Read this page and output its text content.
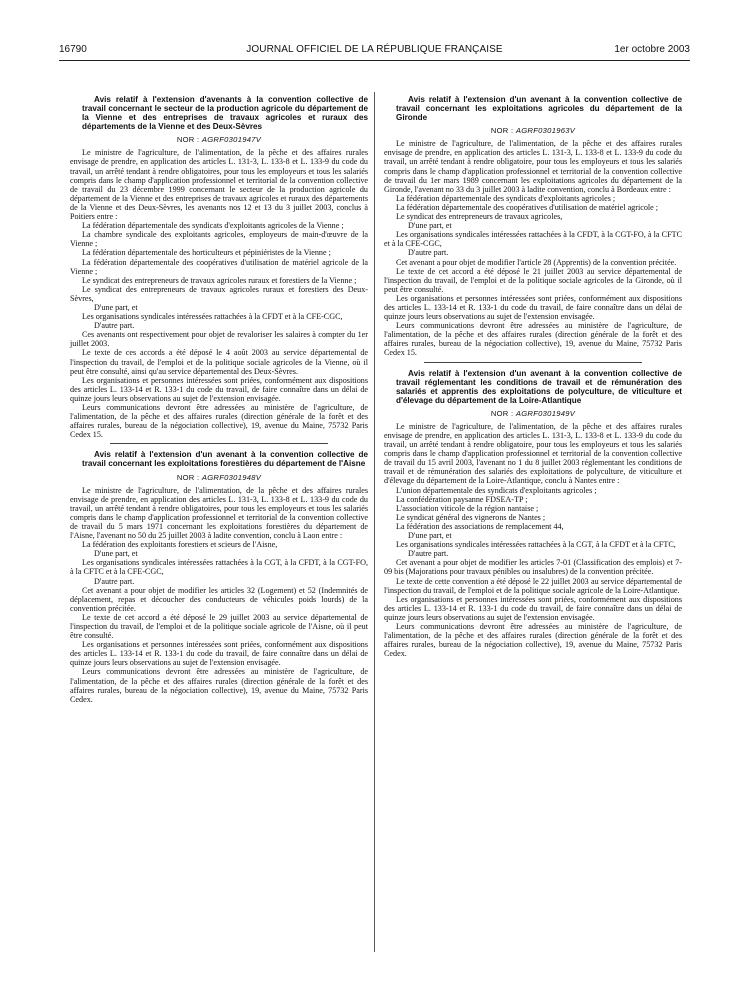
16790	JOURNAL OFFICIEL DE LA RÉPUBLIQUE FRANÇAISE	1er octobre 2003

Avis relatif à l'extension d'avenants à la convention collective de travail concernant le secteur de la production agricole du département de la Vienne et des entreprises de travaux agricoles et ruraux des départements de la Vienne et des Deux-Sèvres

NOR : AGRF0301947V

Le ministre de l'agriculture, de l'alimentation, de la pêche et des affaires rurales envisage de prendre, en application des articles L. 131-3, L. 133-8 et L. 133-9 du code du travail, un arrêté tendant à rendre obligatoires, pour tous les employeurs et tous les salariés compris dans le champ d'application professionnel et territorial de la convention collective de travail du 23 décembre 1999 concernant le secteur de la production agricole du département de la Vienne et des entreprises de travaux agricoles et ruraux des départements de la Vienne et des Deux-Sèvres, les avenants nos 12 et 13 du 3 juillet 2003, conclus à Poitiers entre :

La fédération départementale des syndicats d'exploitants agricoles de la Vienne ;

La chambre syndicale des exploitants agricoles, employeurs de main-d'œuvre de la Vienne ;

La fédération départementale des horticulteurs et pépiniéristes de la Vienne ;

La fédération départementale des coopératives d'utilisation de matériel agricole de la Vienne ;

Le syndicat des entrepreneurs de travaux agricoles ruraux et forestiers de la Vienne ;

Le syndicat des entrepreneurs de travaux agricoles ruraux et forestiers des Deux-Sèvres,

D'une part, et

Les organisations syndicales intéressées rattachées à la CFDT et à la CFE-CGC,

D'autre part.

Ces avenants ont respectivement pour objet de revaloriser les salaires à compter du 1er juillet 2003.

Le texte de ces accords a été déposé le 4 août 2003 au service départemental de l'inspection du travail, de l'emploi et de la politique sociale agricoles de la Vienne, où il peut être consulté, ainsi qu'au service départemental des Deux-Sèvres.

Les organisations et personnes intéressées sont priées, conformément aux dispositions des articles L. 133-14 et R. 133-1 du code du travail, de faire connaître dans un délai de quinze jours leurs observations au sujet de l'extension envisagée.

Leurs communications devront être adressées au ministère de l'agriculture, de l'alimentation, de la pêche et des affaires rurales (direction générale de la forêt et des affaires rurales, bureau de la négociation collective), 19, avenue du Maine, 75732 Paris Cedex 15.

Avis relatif à l'extension d'un avenant à la convention collective de travail concernant les exploitations forestières du département de l'Aisne

NOR : AGRF0301948V

Le ministre de l'agriculture, de l'alimentation, de la pêche et des affaires rurales envisage de prendre, en application des articles L. 131-3, L. 133-8 et L. 133-9 du code du travail, un arrêté tendant à rendre obligatoires, pour tous les employeurs et tous les salariés compris dans le champ d'application professionnel et territorial de la convention collective de travail du 5 mars 1971 concernant les exploitations forestières du département de l'Aisne, l'avenant no 50 du 25 juillet 2003 à ladite convention, conclu à Laon entre :

La fédération des exploitants forestiers et scieurs de l'Aisne,

D'une part, et

Les organisations syndicales intéressées rattachées à la CGT, à la CFDT, à la CGT-FO, à la CFTC et à la CFE-CGC,

D'autre part.

Cet avenant a pour objet de modifier les articles 32 (Logement) et 52 (Indemnités de déplacement, repas et découcher des conducteurs de véhicules poids lourds) de la convention précitée.

Le texte de cet accord a été déposé le 29 juillet 2003 au service départemental de l'inspection du travail, de l'emploi et de la politique sociale agricole de l'Aisne, où il peut être consulté.

Les organisations et personnes intéressées sont priées, conformément aux dispositions des articles L. 133-14 et R. 133-1 du code du travail, de faire connaître dans un délai de quinze jours leurs observations au sujet de l'extension envisagée.

Leurs communications devront être adressées au ministère de l'agriculture, de l'alimentation, de la pêche et des affaires rurales (direction générale de la forêt et des affaires rurales, bureau de la négociation collective), 19, avenue du Maine, 75732 Paris Cedex.

Avis relatif à l'extension d'un avenant à la convention collective de travail concernant les exploitations agricoles du département de la Gironde

NOR : AGRF0301963V

Le ministre de l'agriculture, de l'alimentation, de la pêche et des affaires rurales envisage de prendre, en application des articles L. 131-3, L. 133-8 et L. 133-9 du code du travail, un arrêté tendant à rendre obligatoire, pour tous les employeurs et tous les salariés compris dans le champ d'application professionnel et territorial de la convention collective de travail du 1er mars 1989 concernant les exploitations agricoles du département de la Gironde, l'avenant no 33 du 3 juillet 2003 à ladite convention, conclu à Bordeaux entre :

La fédération départementale des syndicats d'exploitants agricoles ;

La fédération départementale des coopératives d'utilisation de matériel agricole ;

Le syndicat des entrepreneurs de travaux agricoles,

D'une part, et

Les organisations syndicales intéressées rattachées à la CFDT, à la CGT-FO, à la CFTC et à la CFE-CGC,

D'autre part.

Cet avenant a pour objet de modifier l'article 28 (Apprentis) de la convention précitée.

Le texte de cet accord a été déposé le 21 juillet 2003 au service départemental de l'inspection du travail, de l'emploi et de la politique sociale agricoles de la Gironde, où il peut être consulté.

Les organisations et personnes intéressées sont priées, conformément aux dispositions des articles L. 133-14 et R. 133-1 du code du travail, de faire connaître dans un délai de quinze jours leurs observations au sujet de l'extension envisagée.

Leurs communications devront être adressées au ministère de l'agriculture, de l'alimentation, de la pêche et des affaires rurales (direction générale de la forêt et des affaires rurales, bureau de la négociation collective), 19, avenue du Maine, 75732 Paris Cedex 15.

Avis relatif à l'extension d'un avenant à la convention collective de travail réglementant les conditions de travail et de rémunération des salariés et apprentis des exploitations de polyculture, de viticulture et d'élevage du département de la Loire-Atlantique

NOR : AGRF0301949V

Le ministre de l'agriculture, de l'alimentation, de la pêche et des affaires rurales envisage de prendre, en application des articles L. 131-3, L. 133-8 et L. 133-9 du code du travail, un arrêté tendant à rendre obligatoire, pour tous les employeurs et tous les salariés compris dans le champ d'application professionnel et territorial de la convention collective de travail du 15 avril 2003, l'avenant no 1 du 8 juillet 2003 réglementant les conditions de travail et de rémunération des salariés des exploitations de polyculture, de viticulture et d'élevage du département de la Loire-Atlantique, conclu à Nantes entre :

L'union départementale des syndicats d'exploitants agricoles ;

La confédération paysanne FDSEA-TP ;

L'association viticole de la région nantaise ;

Le syndicat général des vignerons de Nantes ;

La fédération des associations de remplacement 44,

D'une part, et

Les organisations syndicales intéressées rattachées à la CGT, à la CFDT et à la CFTC,

D'autre part.

Cet avenant a pour objet de modifier les articles 7-01 (Classification des emplois) et 7-09 bis (Majorations pour travaux pénibles ou insalubres) de la convention précitée.

Le texte de cette convention a été déposé le 22 juillet 2003 au service départemental de l'inspection du travail, de l'emploi et de la politique sociale agricole de la Loire-Atlantique.

Les organisations et personnes intéressées sont priées, conformément aux dispositions des articles L. 133-14 et R. 133-1 du code du travail, de faire connaître dans un délai de quinze jours leurs observations au sujet de l'extension envisagée.

Leurs communications devront être adressées au ministère de l'agriculture, de l'alimentation, de la pêche et des affaires rurales (direction générale de la forêt et des affaires rurales, bureau de la négociation collective), 19, avenue du Maine, 75732 Paris Cedex.
